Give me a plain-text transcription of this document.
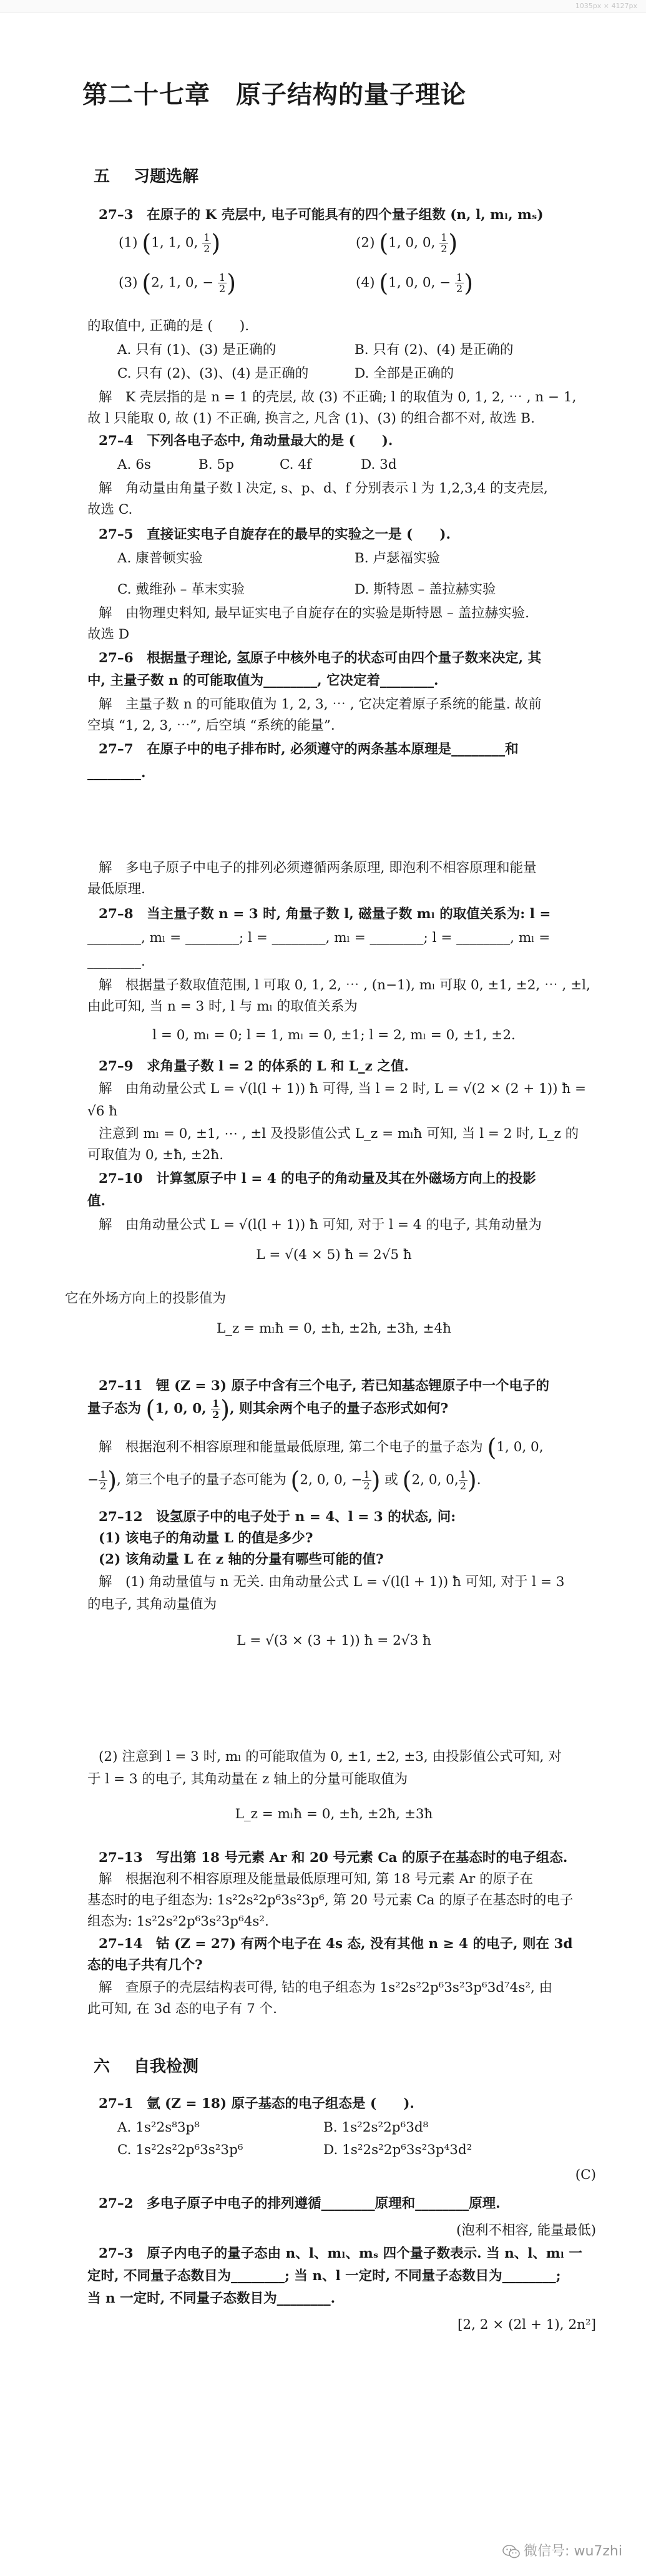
1035px × 4127px
第二十七章　原子结构的量子理论
五 习题选解
27–3　在原子的 K 壳层中, 电子可能具有的四个量子组数 (n, l, mₗ, mₛ)
(1) (1, 1, 0, $\frac{1}{2}$ )	(2) (1, 0, 0, $\frac{1}{2}$ )
(3) (2, 1, 0, − $\frac{1}{2}$ )	(4) (1, 0, 0, − $\frac{1}{2}$ )
的取值中, 正确的是 (　　).
A. 只有 (1)、(3) 是正确的	B. 只有 (2)、(4) 是正确的
C. 只有 (2)、(3)、(4) 是正确的	D. 全部是正确的
解　K 壳层指的是 n = 1 的壳层, 故 (3) 不正确; l 的取值为 0, 1, 2, ⋯ , n − 1,
故 l 只能取 0, 故 (1) 不正确, 换言之, 凡含 (1)、(3) 的组合都不对, 故选 B.
27–4　下列各电子态中, 角动量最大的是 (　　).
A. 6s	B. 5p	C. 4f	D. 3d
解　角动量由角量子数 l 决定, s、p、d、f 分别表示 l 为 1,2,3,4 的支壳层,
故选 C.
27–5　直接证实电子自旋存在的最早的实验之一是 (　　).
A. 康普顿实验	B. 卢瑟福实验
C. 戴维孙 – 革末实验	D. 斯特恩 – 盖拉赫实验
解　由物理史料知, 最早证实电子自旋存在的实验是斯特恩 – 盖拉赫实验.
故选 D
27–6　根据量子理论, 氢原子中核外电子的状态可由四个量子数来决定, 其
中, 主量子数 n 的可能取值为________, 它决定着________.
解　主量子数 n 的可能取值为 1, 2, 3, ⋯ , 它决定着原子系统的能量. 故前
空填 “1, 2, 3, ⋯”, 后空填 “系统的能量”.
27–7　在原子中的电子排布时, 必须遵守的两条基本原理是________和
________.
解　多电子原子中电子的排列必须遵循两条原理, 即泡利不相容原理和能量
最低原理.
27–8　当主量子数 n = 3 时, 角量子数 l, 磁量子数 mₗ 的取值关系为: l =
________, mₗ = ________; l = ________, mₗ = ________; l = ________, mₗ =
________.
解　根据量子数取值范围, l 可取 0, 1, 2, ⋯ , (n−1), mₗ 可取 0, ±1, ±2, ⋯ , ±l,
由此可知, 当 n = 3 时, l 与 mₗ 的取值关系为
l = 0, mₗ = 0; l = 1, mₗ = 0, ±1; l = 2, mₗ = 0, ±1, ±2.
27–9　求角量子数 l = 2 的体系的 L 和 L_z 之值.
解　由角动量公式 L = √(l(l + 1)) ħ 可得, 当 l = 2 时, L = √(2 × (2 + 1)) ħ =
√6 ħ
注意到 mₗ = 0, ±1, ⋯ , ±l 及投影值公式 L_z = mₗħ 可知, 当 l = 2 时, L_z 的
可取值为 0, ±ħ, ±2ħ.
27–10　计算氢原子中 l = 4 的电子的角动量及其在外磁场方向上的投影
值.
解　由角动量公式 L = √(l(l + 1)) ħ 可知, 对于 l = 4 的电子, 其角动量为
L = √(4 × 5) ħ = 2√5 ħ
它在外场方向上的投影值为
L_z = mₗħ = 0, ±ħ, ±2ħ, ±3ħ, ±4ħ
27–11　锂 (Z = 3) 原子中含有三个电子, 若已知基态锂原子中一个电子的
量子态为 (1, 0, 0, $\frac{1}{2}$ ), 则其余两个电子的量子态形式如何?
解　根据泡利不相容原理和能量最低原理, 第二个电子的量子态为 (1, 0, 0,
− $\frac{1}{2}$ ), 第三个电子的量子态可能为 (2, 0, 0, − $\frac{1}{2}$ ) 或 (2, 0, 0, $\frac{1}{2}$ ).
27–12　设氢原子中的电子处于 n = 4、l = 3 的状态, 问:
(1) 该电子的角动量 L 的值是多少?
(2) 该角动量 L 在 z 轴的分量有哪些可能的值?
解　(1) 角动量值与 n 无关. 由角动量公式 L = √(l(l + 1)) ħ 可知, 对于 l = 3
的电子, 其角动量值为
L = √(3 × (3 + 1)) ħ = 2√3 ħ
(2) 注意到 l = 3 时, mₗ 的可能取值为 0, ±1, ±2, ±3, 由投影值公式可知, 对
于 l = 3 的电子, 其角动量在 z 轴上的分量可能取值为
L_z = mₗħ = 0, ±ħ, ±2ħ, ±3ħ
27–13　写出第 18 号元素 Ar 和 20 号元素 Ca 的原子在基态时的电子组态.
解　根据泡利不相容原理及能量最低原理可知, 第 18 号元素 Ar 的原子在
基态时的电子组态为: 1s²2s²2p⁶3s²3p⁶, 第 20 号元素 Ca 的原子在基态时的电子
组态为: 1s²2s²2p⁶3s²3p⁶4s².
27–14　钴 (Z = 27) 有两个电子在 4s 态, 没有其他 n ≥ 4 的电子, 则在 3d
态的电子共有几个?
解　查原子的壳层结构表可得, 钴的电子组态为 1s²2s²2p⁶3s²3p⁶3d⁷4s², 由
此可知, 在 3d 态的电子有 7 个.
六 自我检测
27–1　氩 (Z = 18) 原子基态的电子组态是 (　　).
A. 1s²2s⁸3p⁸	B. 1s²2s²2p⁶3d⁸
C. 1s²2s²2p⁶3s²3p⁶	D. 1s²2s²2p⁶3s²3p⁴3d²
(C)
27–2　多电子原子中电子的排列遵循________原理和________原理.
(泡利不相容, 能量最低)
27–3　原子内电子的量子态由 n、l、mₗ、mₛ 四个量子数表示. 当 n、l、mₗ 一
定时, 不同量子态数目为________; 当 n、l 一定时, 不同量子态数目为________;
当 n 一定时, 不同量子态数目为________.
[2, 2 × (2l + 1), 2n²]
微信号: wu7zhi
